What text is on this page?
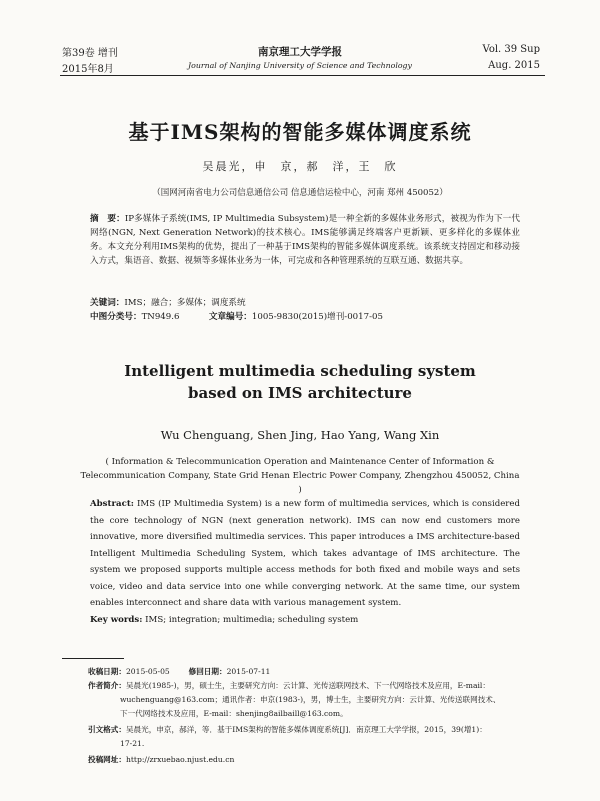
第39卷 增刊
2015年8月
南京理工大学学报
Journal of Nanjing University of Science and Technology
Vol. 39 Sup
Aug. 2015
基于IMS架构的智能多媒体调度系统
吴晨光，申　京，郝　洋，王　欣
（国网河南省电力公司信息通信公司 信息通信运检中心，河南 郑州 450052）
摘　要：IP多媒体子系统(IMS, IP Multimedia Subsystem)是一种全新的多媒体业务形式，被视为作为下一代网络(NGN, Next Generation Network)的技术核心。IMS能够满足终端客户更新颖、更多样化的多媒体业务。本文充分利用IMS架构的优势，提出了一种基于IMS架构的智能多媒体调度系统。该系统支持固定和移动接入方式，集语音、数据、视频等多媒体业务为一体，可完成和各种管理系统的互联互通、数据共享。
关键词：IMS；融合；多媒体；调度系统
中图分类号：TN949.6	文章编号：1005-9830(2015)增刊-0017-05
Intelligent multimedia scheduling system
based on IMS architecture
Wu Chenguang, Shen Jing, Hao Yang, Wang Xin
( Information & Telecommunication Operation and Maintenance Center of Information & Telecommunication Company, State Grid Henan Electric Power Company, Zhengzhou 450052, China )
Abstract: IMS (IP Multimedia System) is a new form of multimedia services, which is considered the core technology of NGN (next generation network). IMS can now end customers more innovative, more diversified multimedia services. This paper introduces a IMS architecture-based Intelligent Multimedia Scheduling System, which takes advantage of IMS architecture. The system we proposed supports multiple access methods for both fixed and mobile ways and sets voice, video and data service into one while converging network. At the same time, our system enables interconnect and share data with various management system.
Key words: IMS; integration; multimedia; scheduling system
收稿日期：2015-05-05 修回日期：2015-07-11
作者简介：吴晨光(1985-)，男，硕士生，主要研究方向：云计算、光传送联网技术、下一代网络技术及应用，E-mail：
wuchenguang@163.com；通讯作者：申京(1983-)，男，博士生，主要研究方向：云计算、光传送联网技术、
下一代网络技术及应用，E-mail：shenjing8ailbaill@163.com。
引文格式：吴晨光，申京，郝洋，等．基于IMS架构的智能多媒体调度系统[J]．南京理工大学学报，2015，39(增1)：
17-21.
投稿网址：http://zrxuebao.njust.edu.cn
